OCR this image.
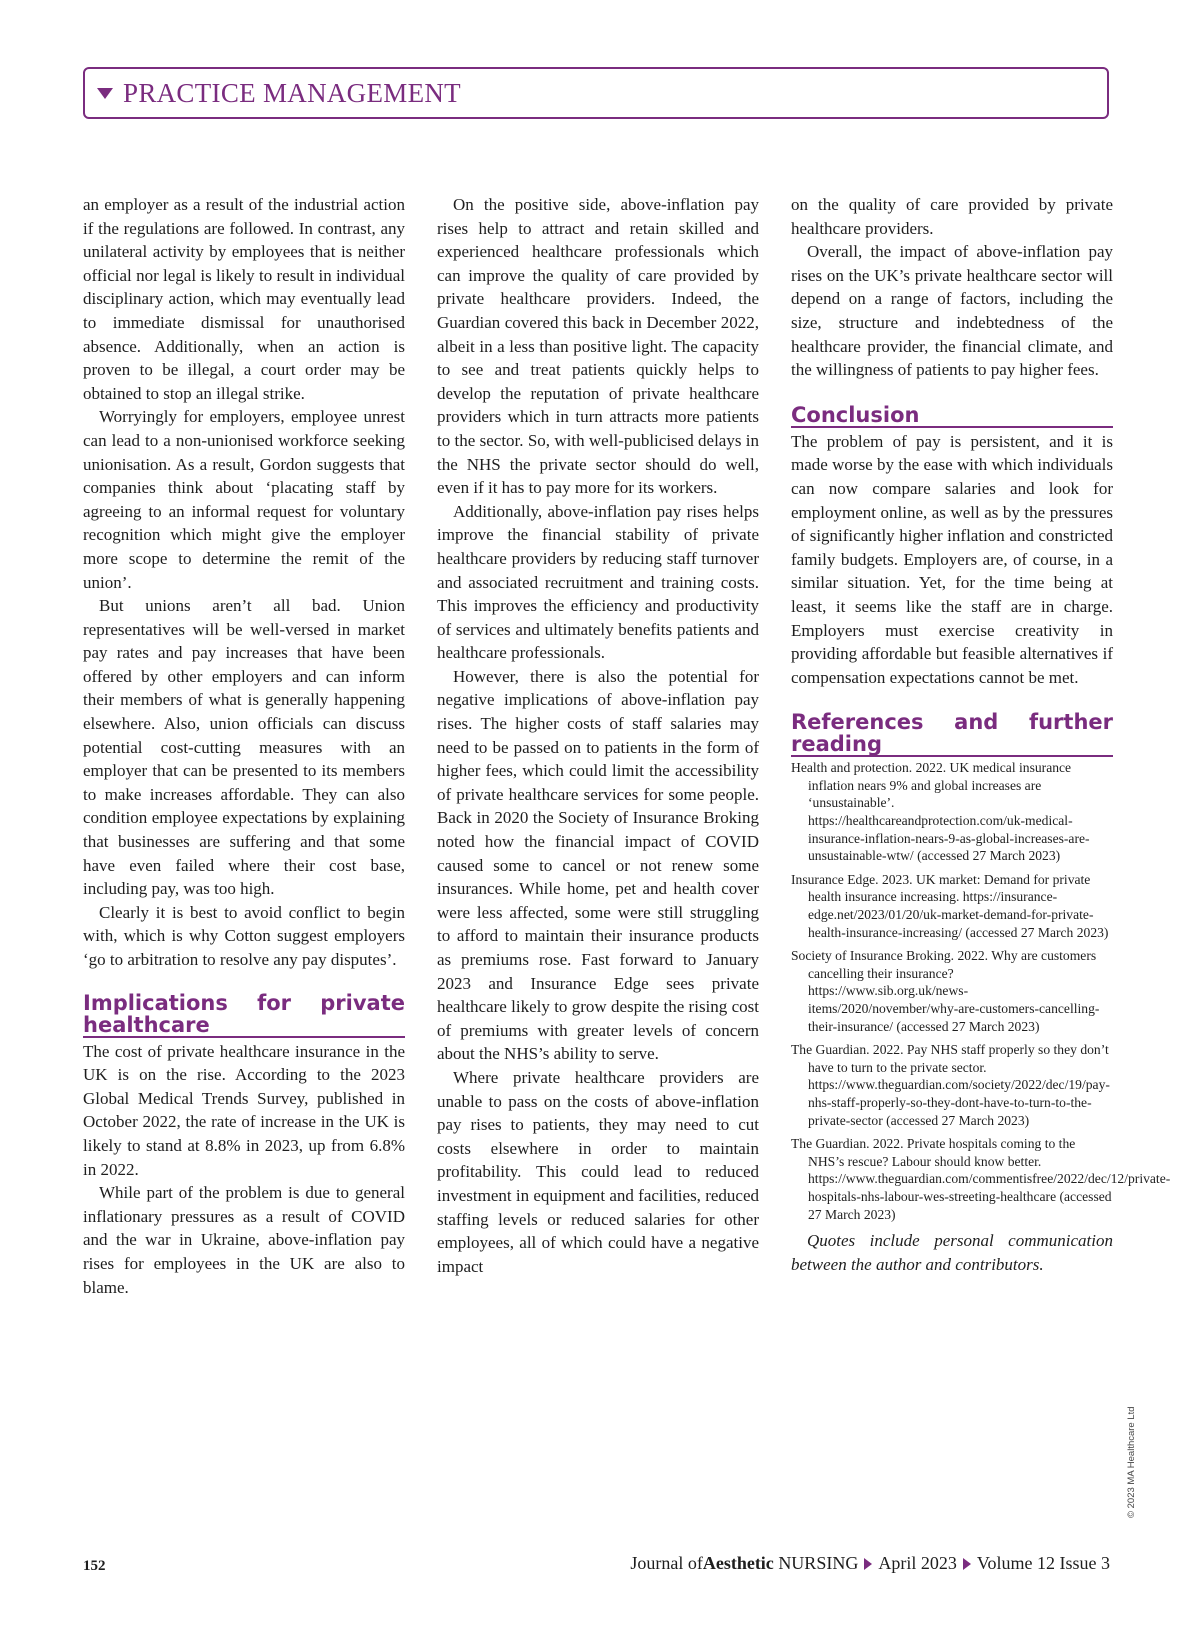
PRACTICE MANAGEMENT

an employer as a result of the industrial action if the regulations are followed. In contrast, any unilateral activity by employees that is neither official nor legal is likely to result in individual disciplinary action, which may eventually lead to immediate dismissal for unauthorised absence. Additionally, when an action is proven to be illegal, a court order may be obtained to stop an illegal strike.

Worryingly for employers, employee unrest can lead to a non-unionised workforce seeking unionisation. As a result, Gordon suggests that companies think about ‘placating staff by agreeing to an informal request for voluntary recognition which might give the employer more scope to determine the remit of the union’.

But unions aren’t all bad. Union representatives will be well-versed in market pay rates and pay increases that have been offered by other employers and can inform their members of what is generally happening elsewhere. Also, union officials can discuss potential cost-cutting measures with an employer that can be presented to its members to make increases affordable. They can also condition employee expectations by explaining that businesses are suffering and that some have even failed where their cost base, including pay, was too high.

Clearly it is best to avoid conflict to begin with, which is why Cotton suggest employers ‘go to arbitration to resolve any pay disputes’.

Implications for private healthcare

The cost of private healthcare insurance in the UK is on the rise. According to the 2023 Global Medical Trends Survey, published in October 2022, the rate of increase in the UK is likely to stand at 8.8% in 2023, up from 6.8% in 2022.

While part of the problem is due to general inflationary pressures as a result of COVID and the war in Ukraine, above-inflation pay rises for employees in the UK are also to blame.

On the positive side, above-inflation pay rises help to attract and retain skilled and experienced healthcare professionals which can improve the quality of care provided by private healthcare providers. Indeed, the Guardian covered this back in December 2022, albeit in a less than positive light. The capacity to see and treat patients quickly helps to develop the reputation of private healthcare providers which in turn attracts more patients to the sector. So, with well-publicised delays in the NHS the private sector should do well, even if it has to pay more for its workers.

Additionally, above-inflation pay rises helps improve the financial stability of private healthcare providers by reducing staff turnover and associated recruitment and training costs. This improves the efficiency and productivity of services and ultimately benefits patients and healthcare professionals.

However, there is also the potential for negative implications of above-inflation pay rises. The higher costs of staff salaries may need to be passed on to patients in the form of higher fees, which could limit the accessibility of private healthcare services for some people. Back in 2020 the Society of Insurance Broking noted how the financial impact of COVID caused some to cancel or not renew some insurances. While home, pet and health cover were less affected, some were still struggling to afford to maintain their insurance products as premiums rose. Fast forward to January 2023 and Insurance Edge sees private healthcare likely to grow despite the rising cost of premiums with greater levels of concern about the NHS’s ability to serve.

Where private healthcare providers are unable to pass on the costs of above-inflation pay rises to patients, they may need to cut costs elsewhere in order to maintain profitability. This could lead to reduced investment in equipment and facilities, reduced staffing levels or reduced salaries for other employees, all of which could have a negative impact

on the quality of care provided by private healthcare providers.

Overall, the impact of above-inflation pay rises on the UK’s private healthcare sector will depend on a range of factors, including the size, structure and indebtedness of the healthcare provider, the financial climate, and the willingness of patients to pay higher fees.

Conclusion

The problem of pay is persistent, and it is made worse by the ease with which individuals can now compare salaries and look for employment online, as well as by the pressures of significantly higher inflation and constricted family budgets. Employers are, of course, in a similar situation. Yet, for the time being at least, it seems like the staff are in charge. Employers must exercise creativity in providing affordable but feasible alternatives if compensation expectations cannot be met.

References and further reading
Health and protection. 2022. UK medical insurance inflation nears 9% and global increases are ‘unsustainable’. https://healthcareandprotection.com/uk-medical-insurance-inflation-nears-9-as-global-increases-are-unsustainable-wtw/ (accessed 27 March 2023)
Insurance Edge. 2023. UK market: Demand for private health insurance increasing. https://insurance-edge.net/2023/01/20/uk-market-demand-for-private-health-insurance-increasing/ (accessed 27 March 2023)
Society of Insurance Broking. 2022. Why are customers cancelling their insurance? https://www.sib.org.uk/news-items/2020/november/why-are-customers-cancelling-their-insurance/ (accessed 27 March 2023)
The Guardian. 2022. Pay NHS staff properly so they don’t have to turn to the private sector. https://www.theguardian.com/society/2022/dec/19/pay-nhs-staff-properly-so-they-dont-have-to-turn-to-the-private-sector (accessed 27 March 2023)
The Guardian. 2022. Private hospitals coming to the NHS’s rescue? Labour should know better. https://www.theguardian.com/commentisfree/2022/dec/12/private-hospitals-nhs-labour-wes-streeting-healthcare (accessed 27 March 2023)

Quotes include personal communication between the author and contributors.

© 2023 MA Healthcare Ltd
152	Journal ofAesthetic NURSING April 2023 Volume 12 Issue 3
